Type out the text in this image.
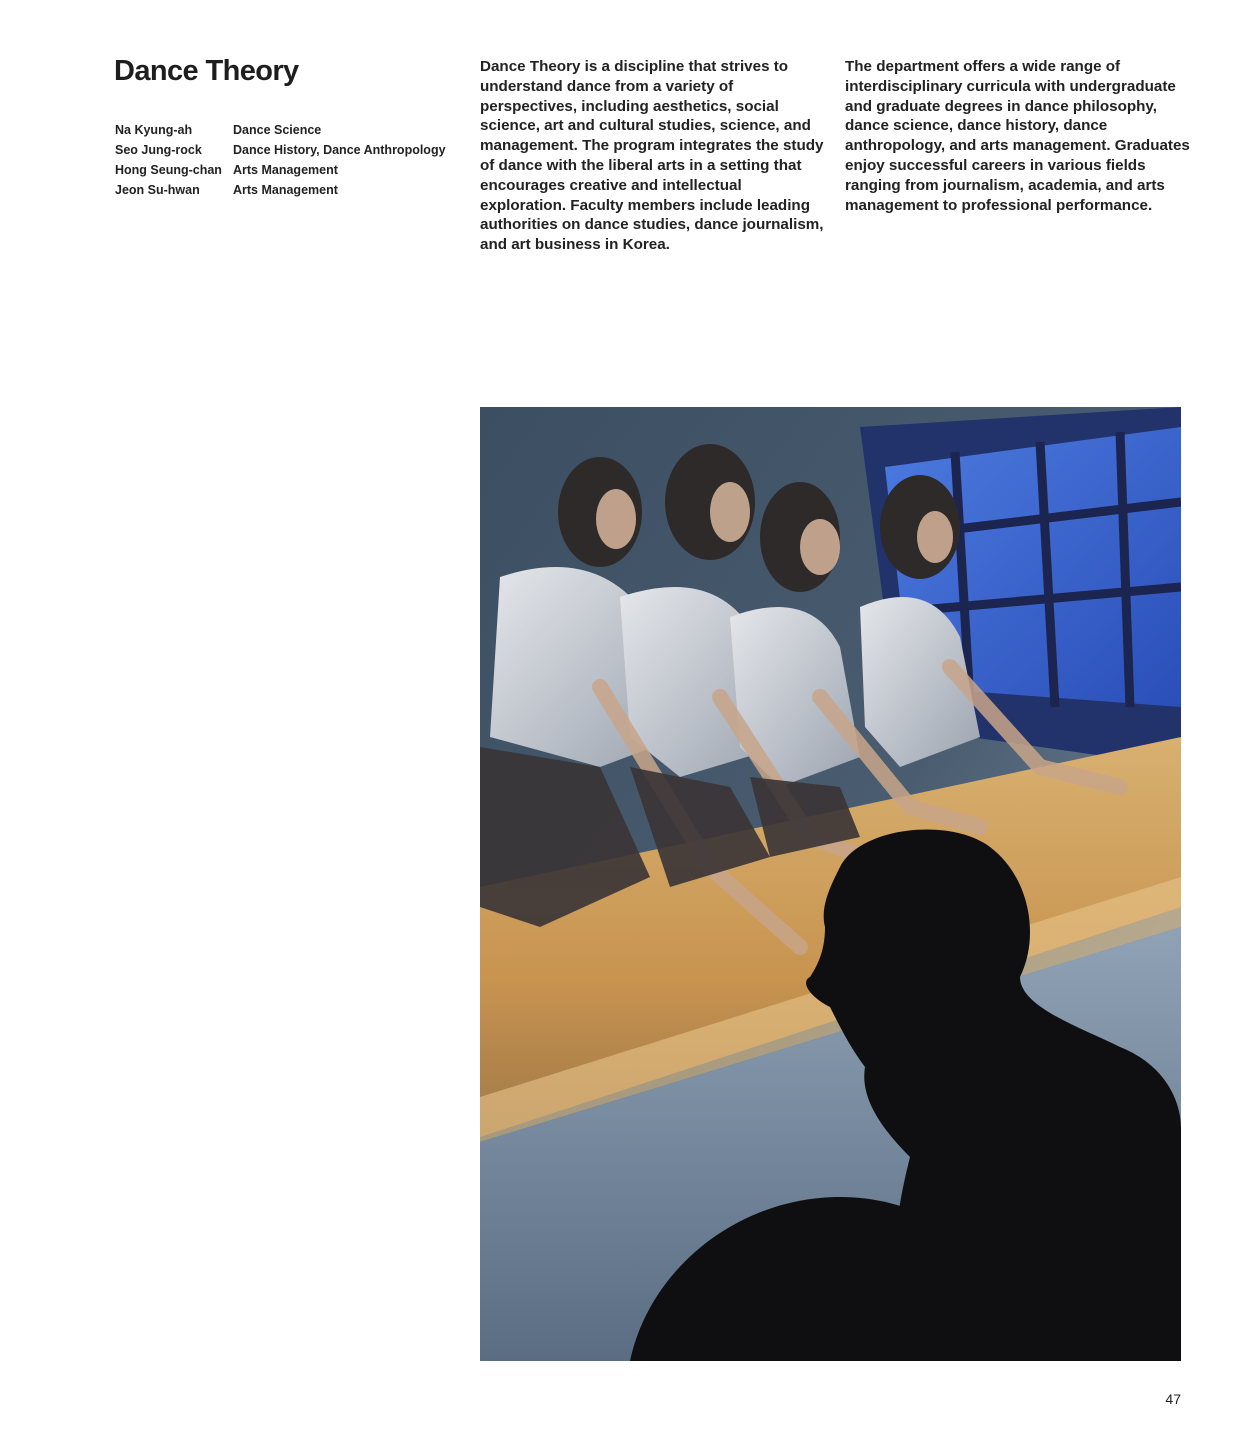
Dance Theory
Na Kyung-ah	Dance Science
Seo Jung-rock	Dance History, Dance Anthropology
Hong Seung-chan	Arts Management
Jeon Su-hwan	Arts Management

Dance Theory is a discipline that strives to understand dance from a variety of perspectives, including aesthetics, social science, art and cultural studies, science, and management. The program integrates the study of dance with the liberal arts in a setting that encourages creative and intellectual exploration. Faculty members include leading authorities on dance studies, dance journalism, and art business in Korea.

The department offers a wide range of interdisciplinary curricula with undergraduate and graduate degrees in dance philosophy, dance science, dance history, dance anthropology, and arts management. Graduates enjoy successful careers in various fields ranging from journalism, academia, and arts management to professional performance.

47
